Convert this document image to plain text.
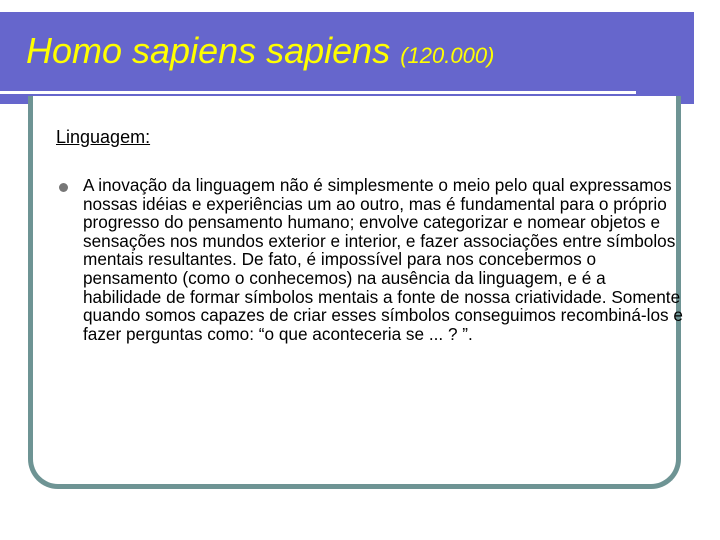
Homo sapiens sapiens (120.000)
Linguagem:
A inovação da linguagem não é simplesmente o meio pelo qual expressamos nossas idéias e experiências um ao outro, mas é fundamental para o próprio progresso do pensamento humano; envolve categorizar e nomear objetos e sensações nos mundos exterior e interior, e fazer associações entre símbolos mentais resultantes. De fato, é impossível para nos concebermos o pensamento (como o conhecemos) na ausência da linguagem, e é a habilidade de formar símbolos mentais a fonte de nossa criatividade. Somente quando somos capazes de criar esses símbolos conseguimos recombiná-los e fazer perguntas como: “o que aconteceria se ... ? ”.
